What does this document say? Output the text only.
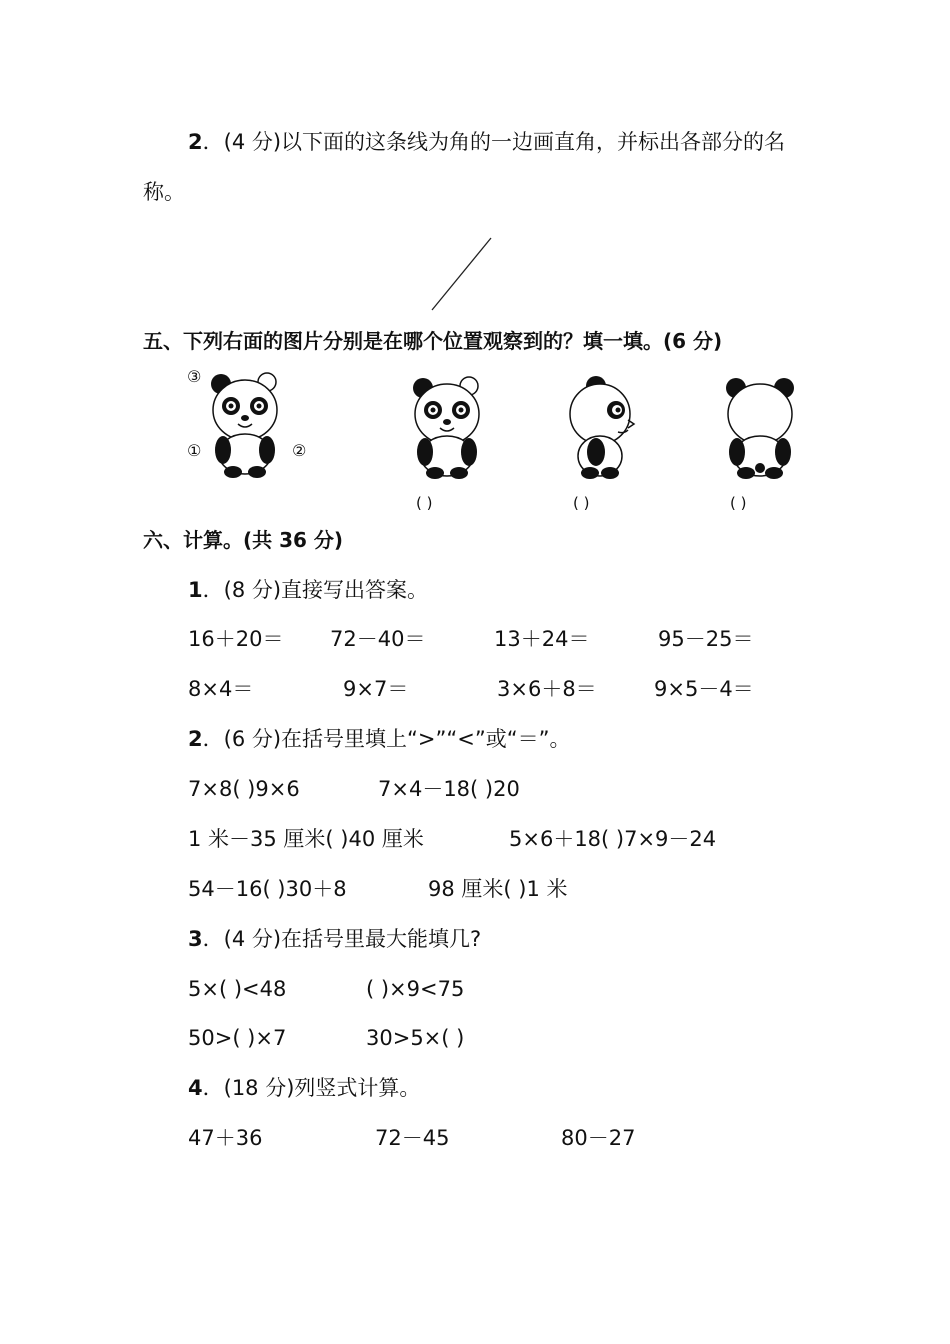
2．(4 分)以下面的这条线为角的一边画直角，并标出各部分的名
称。
五、下列右面的图片分别是在哪个位置观察到的？填一填。(6 分)
③
①	②
( )	( )	( )
六、计算。(共 36 分)
1．(8 分)直接写出答案。
16＋20＝ 72－40＝	13＋24＝	95－25＝
8×4＝	9×7＝	3×6＋8＝	9×5－4＝
2．(6 分)在括号里填上“>”“<”或“＝”。
7×8( )9×6	7×4－18( )20
1 米－35 厘米( )40 厘米	5×6＋18( )7×9－24
54－16( )30＋8	98 厘米( )1 米
3．(4 分)在括号里最大能填几?
5×( )<48	( )×9<75
50>( )×7	30>5×( )
4．(18 分)列竖式计算。
47＋36	72－45	80－27
